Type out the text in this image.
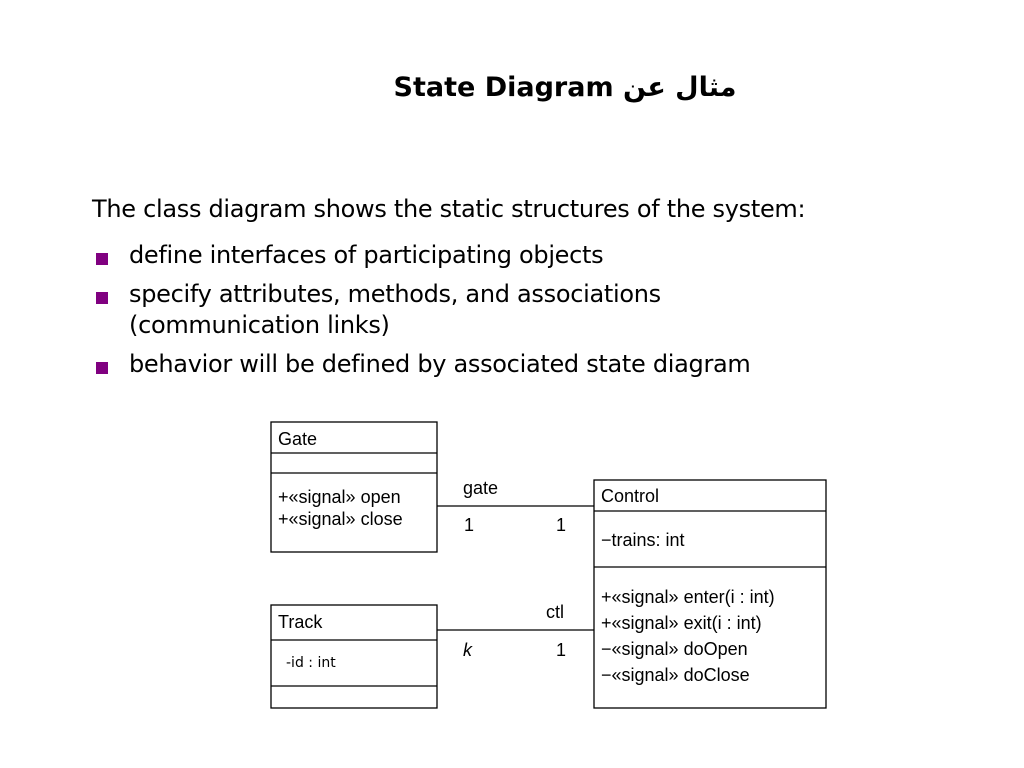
State Diagram مثال عن
The class diagram shows the static structures of the system:
define interfaces of participating objects
specify attributes, methods, and associations
(communication links)
behavior will be defined by associated state diagram
Gate
+«signal» open
+«signal» close
Track
-id : int
Control
−trains: int
+«signal» enter(i : int)
+«signal» exit(i : int)
−«signal» doOpen
−«signal» doClose
gate
1	1
ctl
k	1
